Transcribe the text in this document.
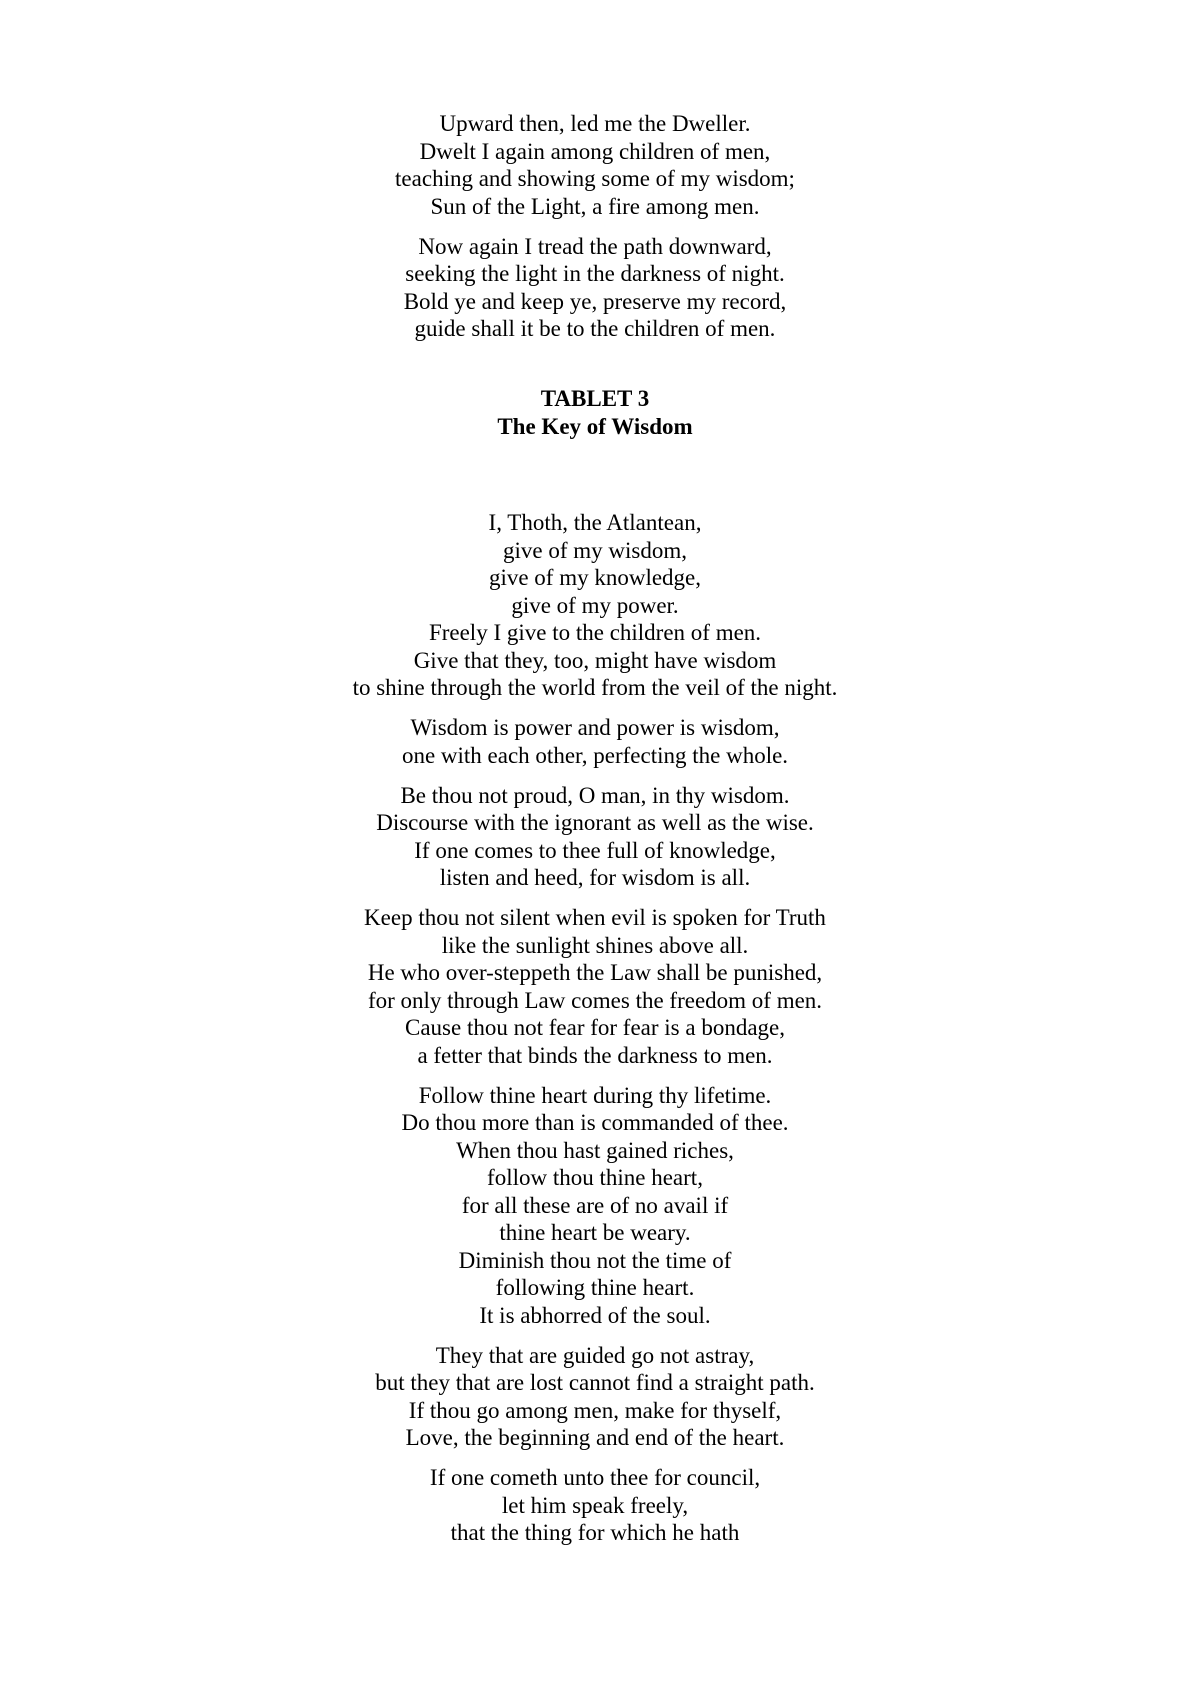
Upward then, led me the Dweller.
Dwelt I again among children of men,
teaching and showing some of my wisdom;
Sun of the Light, a fire among men.
Now again I tread the path downward,
seeking the light in the darkness of night.
Bold ye and keep ye, preserve my record,
guide shall it be to the children of men.
TABLET 3
The Key of Wisdom
I, Thoth, the Atlantean,
give of my wisdom,
give of my knowledge,
give of my power.
Freely I give to the children of men.
Give that they, too, might have wisdom
to shine through the world from the veil of the night.
Wisdom is power and power is wisdom,
one with each other, perfecting the whole.
Be thou not proud, O man, in thy wisdom.
Discourse with the ignorant as well as the wise.
If one comes to thee full of knowledge,
listen and heed, for wisdom is all.
Keep thou not silent when evil is spoken for Truth
like the sunlight shines above all.
He who over-steppeth the Law shall be punished,
for only through Law comes the freedom of men.
Cause thou not fear for fear is a bondage,
a fetter that binds the darkness to men.
Follow thine heart during thy lifetime.
Do thou more than is commanded of thee.
When thou hast gained riches,
follow thou thine heart,
for all these are of no avail if
thine heart be weary.
Diminish thou not the time of
following thine heart.
It is abhorred of the soul.
They that are guided go not astray,
but they that are lost cannot find a straight path.
If thou go among men, make for thyself,
Love, the beginning and end of the heart.
If one cometh unto thee for council,
let him speak freely,
that the thing for which he hath
